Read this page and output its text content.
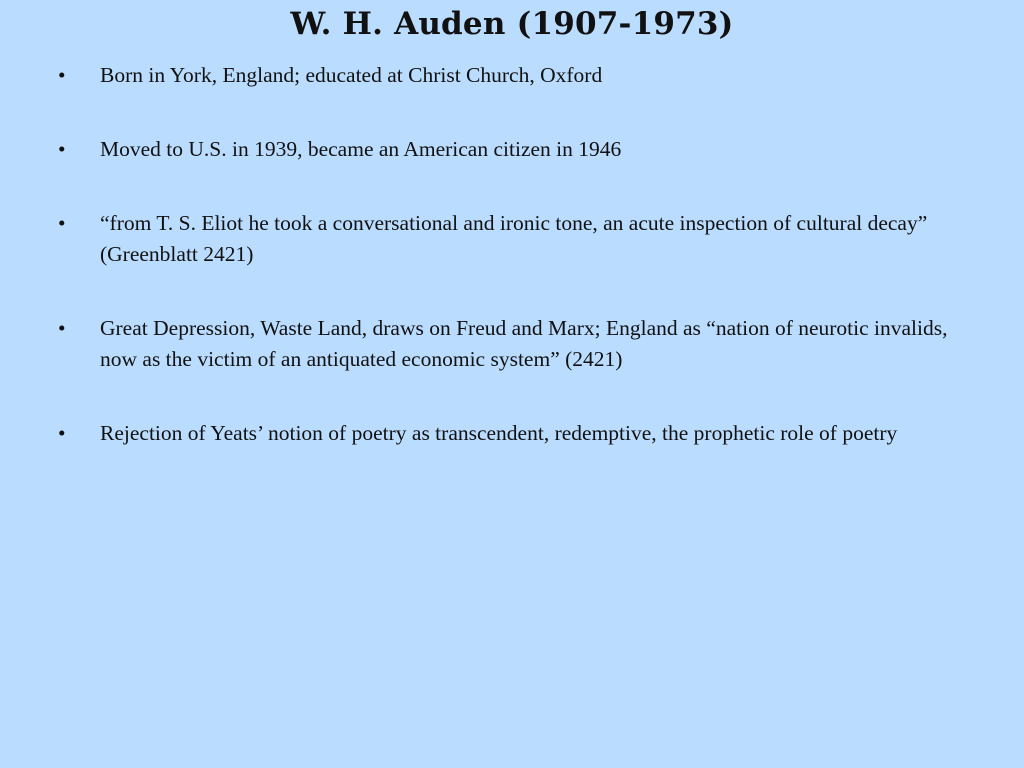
W. H. Auden (1907-1973)
•	Born in York, England; educated at Christ Church, Oxford
•	Moved to U.S. in 1939, became an American citizen in 1946
•	“from T. S. Eliot he took a conversational and ironic tone, an acute inspection of cultural decay” (Greenblatt 2421)
•	Great Depression, Waste Land, draws on Freud and Marx; England as “nation of neurotic invalids, now as the victim of an antiquated economic system” (2421)
•	Rejection of Yeats’ notion of poetry as transcendent, redemptive, the prophetic role of poetry
